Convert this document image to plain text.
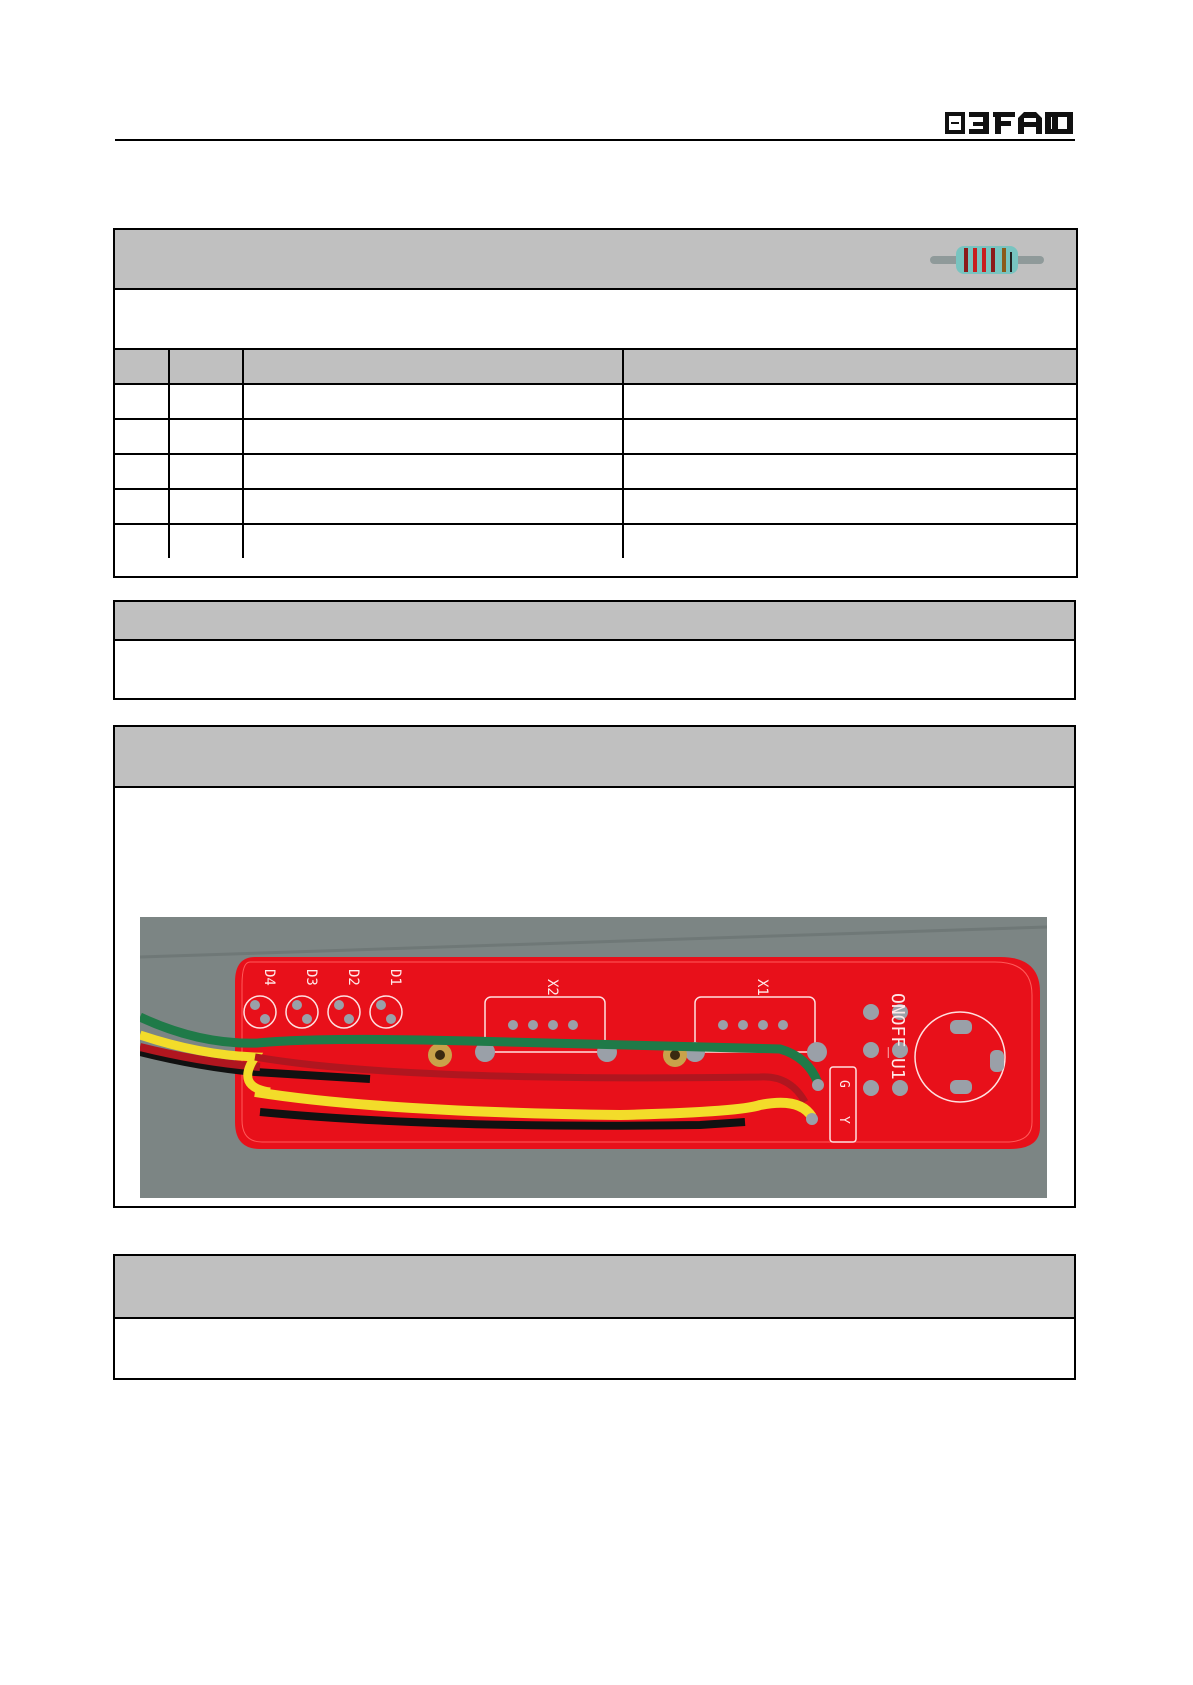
D4 D3 D2 D1
X2	X1
ONOFF_U1
G
Y
